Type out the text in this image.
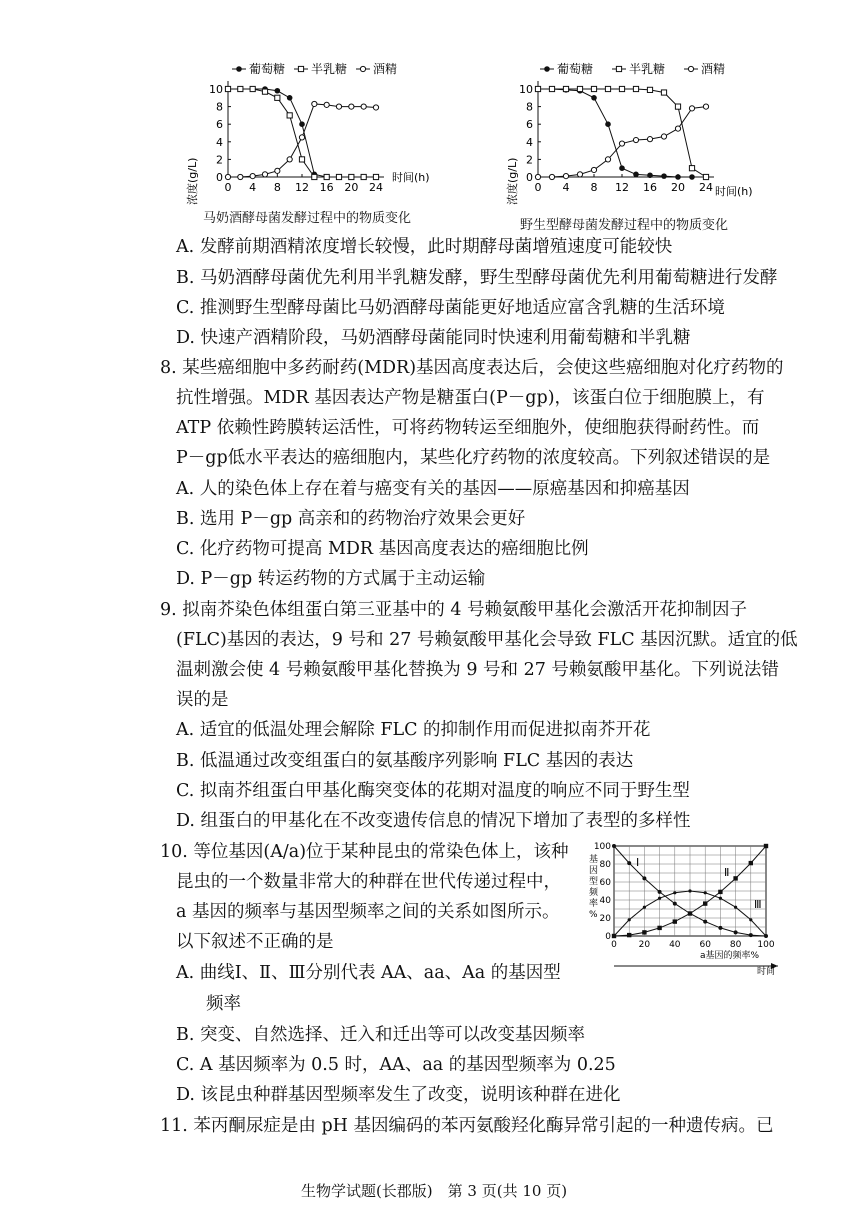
葡萄糖 半乳糖 酒精
浓度(g/L) 0
2
4
6
8
10
0 4 8 12 16 20 24
时间(h)
马奶酒酵母菌发酵过程中的物质变化
葡萄糖	半乳糖	酒精
浓度(g/L) 0
2
4
6
8
10
0 4 8 12 16 20 24 时间(h)
野生型酵母菌发酵过程中的物质变化
A. 发酵前期酒精浓度增长较慢，此时期酵母菌增殖速度可能较快
B. 马奶酒酵母菌优先利用半乳糖发酵，野生型酵母菌优先利用葡萄糖进行发酵
C. 推测野生型酵母菌比马奶酒酵母菌能更好地适应富含乳糖的生活环境
D. 快速产酒精阶段，马奶酒酵母菌能同时快速利用葡萄糖和半乳糖
8. 某些癌细胞中多药耐药(MDR)基因高度表达后，会使这些癌细胞对化疗药物的
抗性增强。MDR 基因表达产物是糖蛋白(P－gp)，该蛋白位于细胞膜上，有
ATP 依赖性跨膜转运活性，可将药物转运至细胞外，使细胞获得耐药性。而
P－gp低水平表达的癌细胞内，某些化疗药物的浓度较高。下列叙述错误的是
A. 人的染色体上存在着与癌变有关的基因——原癌基因和抑癌基因
B. 选用 P－gp 高亲和的药物治疗效果会更好
C. 化疗药物可提高 MDR 基因高度表达的癌细胞比例
D. P－gp 转运药物的方式属于主动运输
9. 拟南芥染色体组蛋白第三亚基中的 4 号赖氨酸甲基化会激活开花抑制因子
(FLC)基因的表达，9 号和 27 号赖氨酸甲基化会导致 FLC 基因沉默。适宜的低
温刺激会使 4 号赖氨酸甲基化替换为 9 号和 27 号赖氨酸甲基化。下列说法错
误的是
A. 适宜的低温处理会解除 FLC 的抑制作用而促进拟南芥开花
B. 低温通过改变组蛋白的氨基酸序列影响 FLC 基因的表达
C. 拟南芥组蛋白甲基化酶突变体的花期对温度的响应不同于野生型
D. 组蛋白的甲基化在不改变遗传信息的情况下增加了表型的多样性
10. 等位基因(A/a)位于某种昆虫的常染色体上，该种
昆虫的一个数量非常大的种群在世代传递过程中，
a 基因的频率与基因型频率之间的关系如图所示。
以下叙述不正确的是
A. 曲线Ⅰ、Ⅱ、Ⅲ分别代表 AA、aa、Aa 的基因型
频率
B. 突变、自然选择、迁入和迁出等可以改变基因频率
C. A 基因频率为 0.5 时，AA、aa 的基因型频率为 0.25
D. 该昆虫种群基因型频率发生了改变，说明该种群在进化
0
20
40
60
80
100
0 20 40 60 80 100
基
因
型
频
率
%
Ⅰ
Ⅱ
Ⅲ
a基因的频率%
时间
11. 苯丙酮尿症是由 pH 基因编码的苯丙氨酸羟化酶异常引起的一种遗传病。已
生物学试题(长郡版)　第 3 页(共 10 页)
